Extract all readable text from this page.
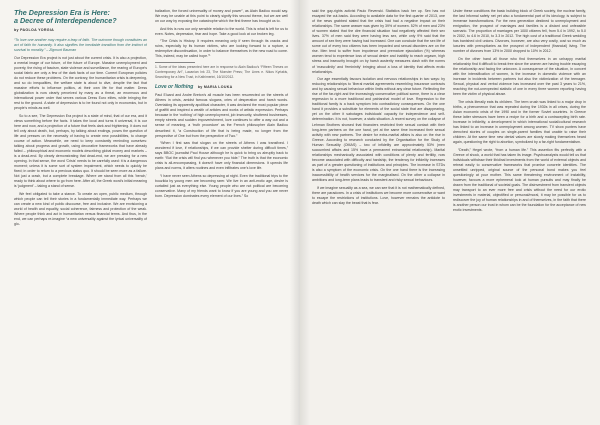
The Depression Era is Here:
a Decree of Interdependence?
by PAOLOA YORGIA

“To love one another may require a leap of faith. The outcome though constitutes an act of faith for humanity. It also signifies the inevitable transition from the instinct of survival to morality.” – Zigmunt Bauman

Our Depression Era project is not just about the current crisis. It is also a projection, a mental image of our future, of the future of Europe. Massive unemployment and poverty, the rising of fascism, state violence and surveillance, the rearing of Europe's social fabric are only a few of the dark facts of our time. Current European policies do not reduce these problems. On the contrary, the humanitarian crisis is deepening, and so do inequalities, the welfare state is about to dive, despite the fact that massive efforts to influence politics, at their own life for that matter. Dress globalization is now clearly perceived by many as a threat, an enormous and international power order that serves various Dress Euro elites, while bringing the rest to the ground. A state of depression is to be found not only in economics, but in people's minds as well.

So to a see, The Depression Era project is a state of mind, that of our era, and it views something before the facts. It takes the local and turns it universal, it is our here and now, and a projection of a future that feels dark and frightening. It does not tell only about death, but, perhaps, by talking about endings, poses the question of life and presses on the necessity of having to create new possibilities, to change course of action. Meanwhile, we need to keep constantly reminding ourselves: talking about progress and growth, using decorative frameworks that have already failed – philosophical and economic models describing global money and markets – is a dead-end. By clearly demonstrating that dead-end, we are pressing for a new opening. In that sense, the word 'Crisis' needs to be carefully used: it is a dangerous moment; unless it is some sort of system impairment, which needs to quickly be fixed; in order to return to a previous status quo. It should be seen more as a failure. Not just a crash, but a complete breakage. Where we stand from all this 'bench,' ready to think about where to go from here. After all, the Greek word's initial meaning is ‘judgment’ – taking a stand of sense.

We feel obligated to take a stance. To create an open, public medium, through which people can tell their stories in a fundamentally immediate way. Perhaps we can create a new kind of public discourse, free and inclusive. We are envisioning a world of health and equality, social coherence, fairness and protection of the weak. Where people think and act in humanitarian versus financial terms. And thus, in the end, we can perhaps re-imagine “a new universality against the lyrical universality of glo-

balization, the forced universality of money and power”, as Alain Badiou would say. We may be unable at this point to clearly signify this second theme, but we are well on our way by exposing the catastrophe which the first theme has brought us to.

And this is now our only sensible relation to the world. This is what is left for us to even. Notes, depression, fear and hope. Take a good look at our broken leg.

“The Crisis is History. It requires meaning only if seen through its cracks and ruins, especially by its human victims, who are looking forward to a rupture, a redemptive discontinuation, in order to balance themselves in the new road to come. This, indeed, may be called hope.”¹

1. Some of the ideas presented here are in response to Alain Badiou's “Fifteen Theses on Contemporary Art”, Lacanian Ink 23, The Monster Press; The Lines e. Nikos Kyriakis, Searching for a New Trust, in Kathimerini, 16/10/2012.

Love or Nothing by MARIA LOUKA

Paul Eluard and Andre Breton's all muscle has been resurrected on the streets of Athens in crisis, amidst famous slogans, cries of desperation and harsh words. Overtaking its apparently apolitical character, it was declared the most popular piece of graffiti and inspired a wealth of articles and works of artistic expression. Perhaps because in the ‘nothing’ of high unemployment, job insecurity, shuttered businesses, empty streets and sudden impoverishment, love continues to offer a way out and a sense of meaning, a ‘truth procedure’ as the French philosopher Alain Badiou described it, “a Construction of life that is being made, no longer from the perspective of One but from the perspective of Two.”

“When I first saw that slogan on the streets of Athens I was transfixed. I wondered if love, if relationships, if we can provide shelter during difficult times,” says BBOC journalist Paul House although he is quick to bring us abruptly back to earth: “But the crisis will find you whenever you hide.” The truth is that the economic crisis is all-encompassing, it doesn't have only financial dimensions. It upends life plans and norms, it alters routines and even infiltrates one's love life.

“I have never seen Athens so depressing at night. Even the traditional trips to the bouzikia by young men are becoming rarer. We live in an anti-erotic age, desire is curtailed just as everything else. Young people who are not political are becoming conservative. Many of my friends want to know if you are young and you are never born. Depression dominates every element of our lives.” So

said the gay-rights activist Paulo Revenski. Statistics back her up. Sex has not escaped the cut-backs. According to available data for the first quarter of 2013, one of the news grabbed stated that the crisis had had a negative impact on their relationships. The same answer was given by 39% of women. 52% of men and 23% of women stated that the dire financial situation had negatively affected their sex lives. 37% of men said they were having less sex, while only 9% said that the amount of sex they were having had increased. One can conclude that the sex life of some out of every two citizens has been impacted and sexual disorders are on the rise. Men tend to suffer from impotence and premature ejaculation (%) whereas women tend to experience loss of sexual desire and inability to reach orgasm, high stress and insecurity brought on by harsh austerity measures clash with the norms of 'masculinity' and 'femininity' bringing about a loss of identity that affects erotic relationships.

Our age essentially favours isolation and nervous relationships in two ways: by reducing relationships to 'liberal martial agreements resembling insurance contracts and by causing sexual behaviour within limits without any clear future. Reflecting the rise of the far-right and the increasingly conservative political scene, there is a clear regression to a more traditional and patriarchal model of love. Regression to the traditional family is a back symptom into contradictory consequences. On the one hand it provides a substitute for elements of the social state that are disappearing, yet on the other it sabotages individuals' capacity for independence and self-determination. It is not, however, a static situation. A recent survey on the collapse of Lehman Brothers showed that financiers restricted their sexual contact with their long-term partners on the one hand, yet at the same time increased their sexual activity with new partners. The desire for extra-marital affairs is also on the rise in Greece. According to research conducted by the Organisation for the Study of Human Sexuality (OMAS) – two of infidelity are approximately 53% (men succumbed affairs and 15% have a permanent extramarital relationship). Marital relationships mechanically associated with conditions of plenty and fertility, now become associated with difficulty and hardship, the tendency for infidelity increases as part of a greater questioning of institutions and principles. The increase in STDs is also a symptom of the economic crisis. On the one hand there is the increasing inaccessibility of health services for the marginalised. On the other a collapse in ambitions and long-term plans leads to transient and risky sexual behaviours.

If we imagine sexuality as a sea, we can see that it is not mathematically defined, there are paradoxes. In a crisis of institutions we become more conservative or want to escape the restrictions of institutions. Love, however remains the antidote to death which can slay the beast that is fear.

Under these conditions the basic building block of Greek society, the nuclear family, the last informal safety net yet also a fundamental part of its ideology, is subject to immense transformations. For the new generation destined to unemployment and emigration, the prospect of marriages and families is a distant and unfeasible scenario. The proportion of marriages per 1000 citizens fell, from 5.4 in 1992, to 5.0 in 2002, to 4.6 in 2010, to 3.3 in 2012. The high cost of a traditional Greek wedding has banished civil unions. Divorces, however, are also very costly, cost so much as luxuries with prenuptiaries as the prospect of independent (financial) living. The number of divorces from 13% in 2000 dropped to 10% in 2012.

On the other hand all those who find themselves in an unhappy marital relationship find it difficult to break free since the women are having trouble escaping the relationship and facing the unknown. A consequence of the situation, in concert with the intensification of women, is the increase in domestic violence with an increase in incidents between partners but also the victimization of the teenager. Sexual, physical and verbal violence has increased over the past 3 years to 21%, reaching the not-unexpected statistic of one in every three women reporting having been the victim of physical abuse.

The crisis literally eats its children. The term crush was linked to a major drop in births, a phenomenon that was repeated during the 1930s in all crises, during the Asian economic crisis of the 1990 and in the former Soviet countries. In Greece these latter stressors have been a recipe for a birth and a contracepting birth rate. Increase in infidelity, a development in which international social/cultural research has linked to an increase in unemployment among women. TV show punters have drenched stories of couples on single-parent families that unable to raise their children. At the same time new dental values are slowly making themselves heard again, questioning the right to abortion, symbolized by a far-right fundamentalism.

“Death,” Hegel wrote, “from a human life.” This assertion fits perfectly with a Greece of shock, a world that has taken its image. Psychoanalysts would tell us that individuals withdraw their libidinal investments from the world of external objects and retreat easily to conservative frameworks that promise concrete identities. The unsettled unripped, original source of the personal bond makes you feel questioningly at your mother. This same threatening environment of instability, however, favours a more ephemeral look at human pursuits and may finally be drawn from the traditional of societal goals. The disinvestment from transient objects may transport to an ever more free and crisis without the need for our erotic investments in material, objectified or personal/moral, it may be possible for us to rediscover the joy of human relationships in and of themselves, in the faith that there is another person our trust in whom can be the foundation for the acceptance of new erotic investments.
